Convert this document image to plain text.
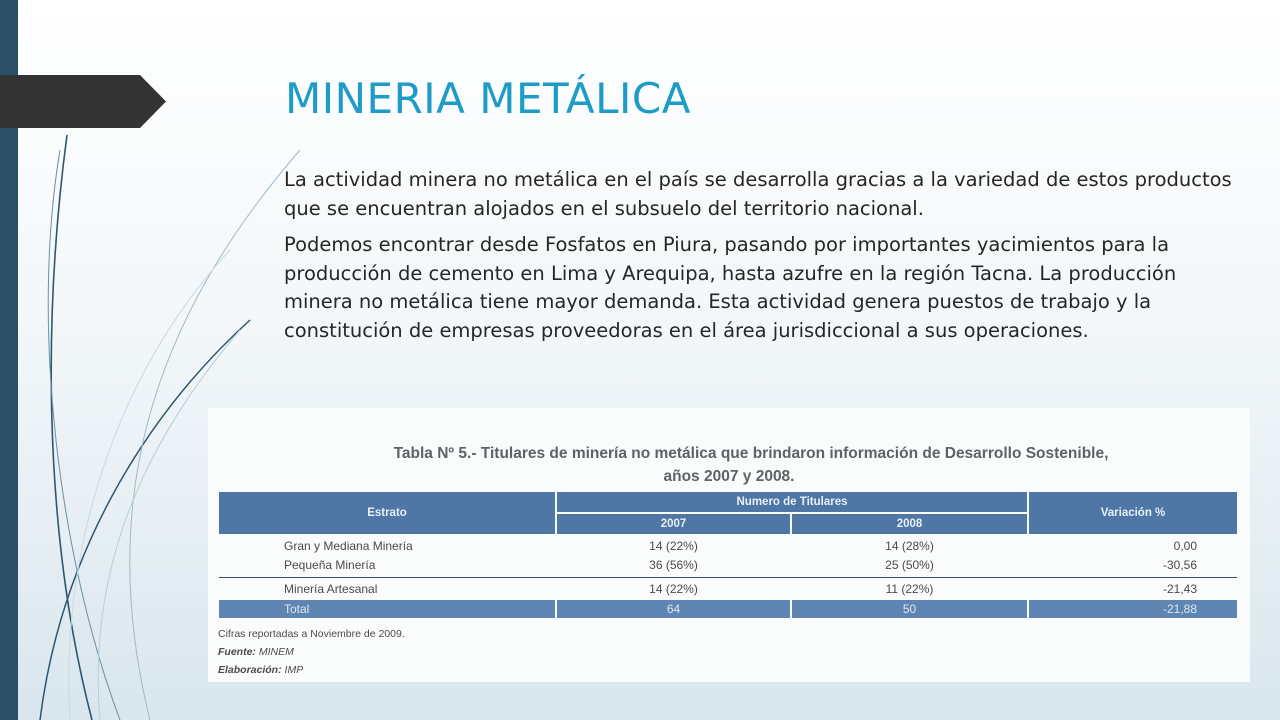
MINERIA METÁLICA

La actividad minera no metálica en el país se desarrolla gracias a la variedad de estos productos que se encuentran alojados en el subsuelo del territorio nacional.

Podemos encontrar desde Fosfatos en Piura, pasando por importantes yacimientos para la producción de cemento en Lima y Arequipa, hasta azufre en la región Tacna. La producción minera no metálica tiene mayor demanda. Esta actividad genera puestos de trabajo y la constitución de empresas proveedoras en el área jurisdiccional a sus operaciones.

Tabla Nº 5.- Titulares de minería no metálica que brindaron información de Desarrollo Sostenible,
años 2007 y 2008.
Estrato
Numero de Titulares
2007	2008
Variación %
Gran y Mediana Minería	14 (22%)	14 (28%)	0,00
Pequeña Minería	36 (56%)	25 (50%)	-30,56
Minería Artesanal	14 (22%)	11 (22%)	-21,43
Total	64	50	-21,88
Cifras reportadas a Noviembre de 2009.
Fuente: MINEM
Elaboración: IMP
